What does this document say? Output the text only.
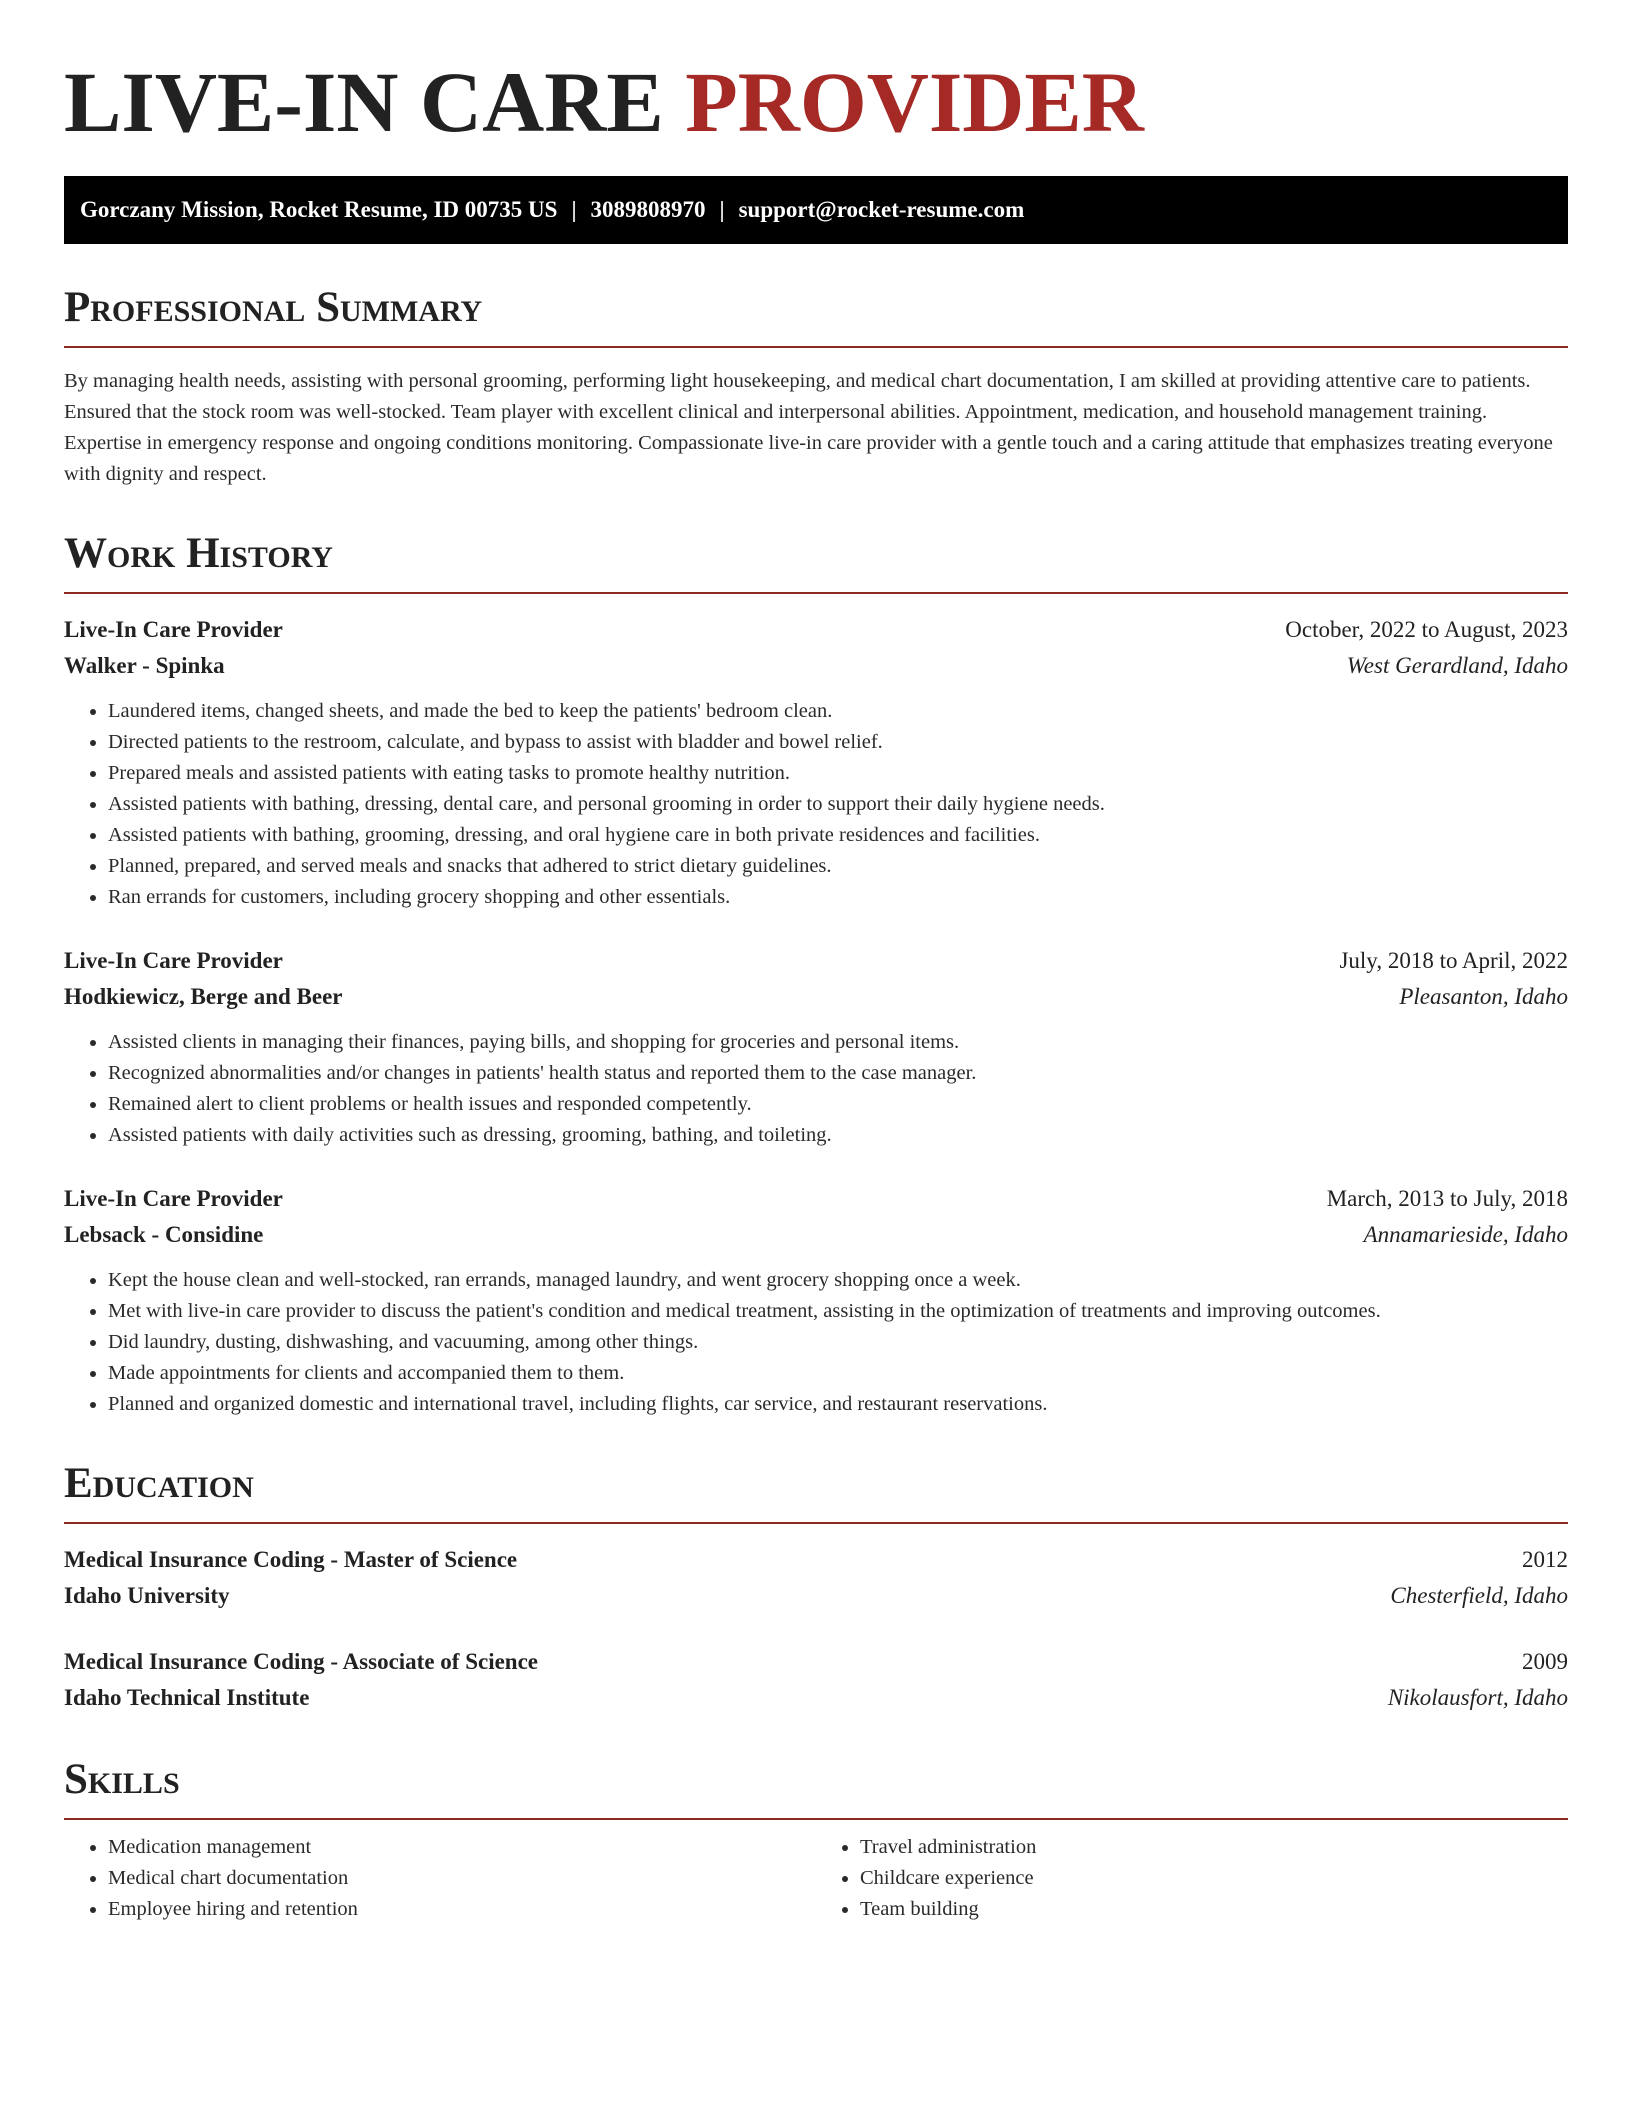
LIVE-IN CARE PROVIDER
Gorczany Mission, Rocket Resume, ID 00735 US | 3089808970 | support@rocket-resume.com
Professional Summary

By managing health needs, assisting with personal grooming, performing light housekeeping, and medical chart documentation, I am skilled at providing attentive care to patients. Ensured that the stock room was well-stocked. Team player with excellent clinical and interpersonal abilities. Appointment, medication, and household management training. Expertise in emergency response and ongoing conditions monitoring. Compassionate live-in care provider with a gentle touch and a caring attitude that emphasizes treating everyone with dignity and respect.

Work History
Live-In Care Provider	October, 2022 to August, 2023
Walker - Spinka	West Gerardland, Idaho
• Laundered items, changed sheets, and made the bed to keep the patients' bedroom clean.
• Directed patients to the restroom, calculate, and bypass to assist with bladder and bowel relief.
• Prepared meals and assisted patients with eating tasks to promote healthy nutrition.
• Assisted patients with bathing, dressing, dental care, and personal grooming in order to support their daily hygiene needs.
• Assisted patients with bathing, grooming, dressing, and oral hygiene care in both private residences and facilities.
• Planned, prepared, and served meals and snacks that adhered to strict dietary guidelines.
• Ran errands for customers, including grocery shopping and other essentials.
Live-In Care Provider	July, 2018 to April, 2022
Hodkiewicz, Berge and Beer	Pleasanton, Idaho
• Assisted clients in managing their finances, paying bills, and shopping for groceries and personal items.
• Recognized abnormalities and/or changes in patients' health status and reported them to the case manager.
• Remained alert to client problems or health issues and responded competently.
• Assisted patients with daily activities such as dressing, grooming, bathing, and toileting.
Live-In Care Provider	March, 2013 to July, 2018
Lebsack - Considine	Annamarieside, Idaho
• Kept the house clean and well-stocked, ran errands, managed laundry, and went grocery shopping once a week.
• Met with live-in care provider to discuss the patient's condition and medical treatment, assisting in the optimization of treatments and improving outcomes.
• Did laundry, dusting, dishwashing, and vacuuming, among other things.
• Made appointments for clients and accompanied them to them.
• Planned and organized domestic and international travel, including flights, car service, and restaurant reservations.
Education
Medical Insurance Coding - Master of Science	2012
Idaho University	Chesterfield, Idaho
Medical Insurance Coding - Associate of Science	2009
Idaho Technical Institute	Nikolausfort, Idaho
Skills
• Medication management
• Medical chart documentation
• Employee hiring and retention
• Travel administration
• Childcare experience
• Team building
